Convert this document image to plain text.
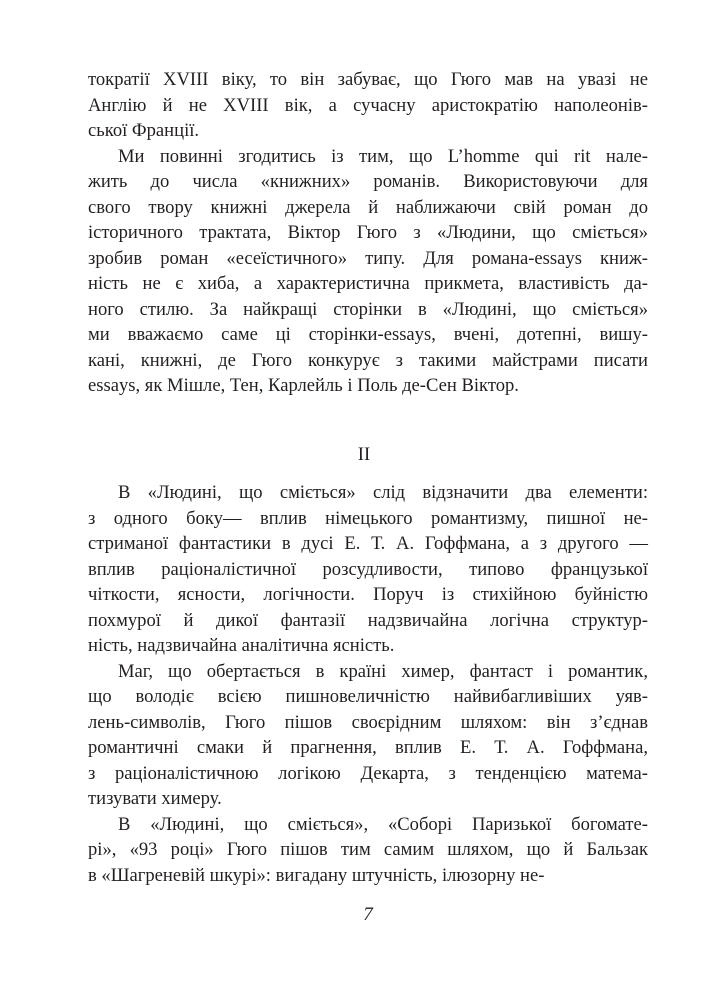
тократії XVIII віку, то він забуває, що Гюго мав на увазі не
Англію й не XVIII вік, а сучасну аристократію наполеонів-
ської Франції.
Ми повинні згодитись із тим, що L’homme qui rit нале-
жить до числа «книжних» романів. Використовуючи для
свого твору книжні джерела й наближаючи свій роман до
історичного трактата, Віктор Гюго з «Людини, що сміється»
зробив роман «есеїстичного» типу. Для романа-essays книж-
ність не є хиба, а характеристична прикмета, властивість да-
ного стилю. За найкращі сторінки в «Людині, що сміється»
ми вважаємо саме ці сторінки-essays, вчені, дотепні, вишу-
кані, книжні, де Гюго конкурує з такими майстрами писати
essays, як Мішле, Тен, Карлейль і Поль де-Сен Віктор.
II
В «Людині, що сміється» слід відзначити два елементи:
з одного боку— вплив німецького романтизму, пишної не-
стриманої фантастики в дусі Е. Т. А. Гоффмана, а з другого —
вплив раціоналістичної розсудливости, типово французької
чіткости, ясности, логічности. Поруч із стихійною буйністю
похмурої й дикої фантазії надзвичайна логічна структур-
ність, надзвичайна аналітична ясність.
Маг, що обертається в країні химер, фантаст і романтик,
що володіє всією пишновеличністю найвибагливіших уяв-
лень-символів, Гюго пішов своєрідним шляхом: він з’єднав
романтичні смаки й прагнення, вплив Е. Т. А. Гоффмана,
з раціоналістичною логікою Декарта, з тенденцією матема-
тизувати химеру.
В «Людині, що сміється», «Соборі Паризької богомате-
рі», «93 році» Гюго пішов тим самим шляхом, що й Бальзак
в «Шагреневій шкурі»: вигадану штучність, ілюзорну не-
7
